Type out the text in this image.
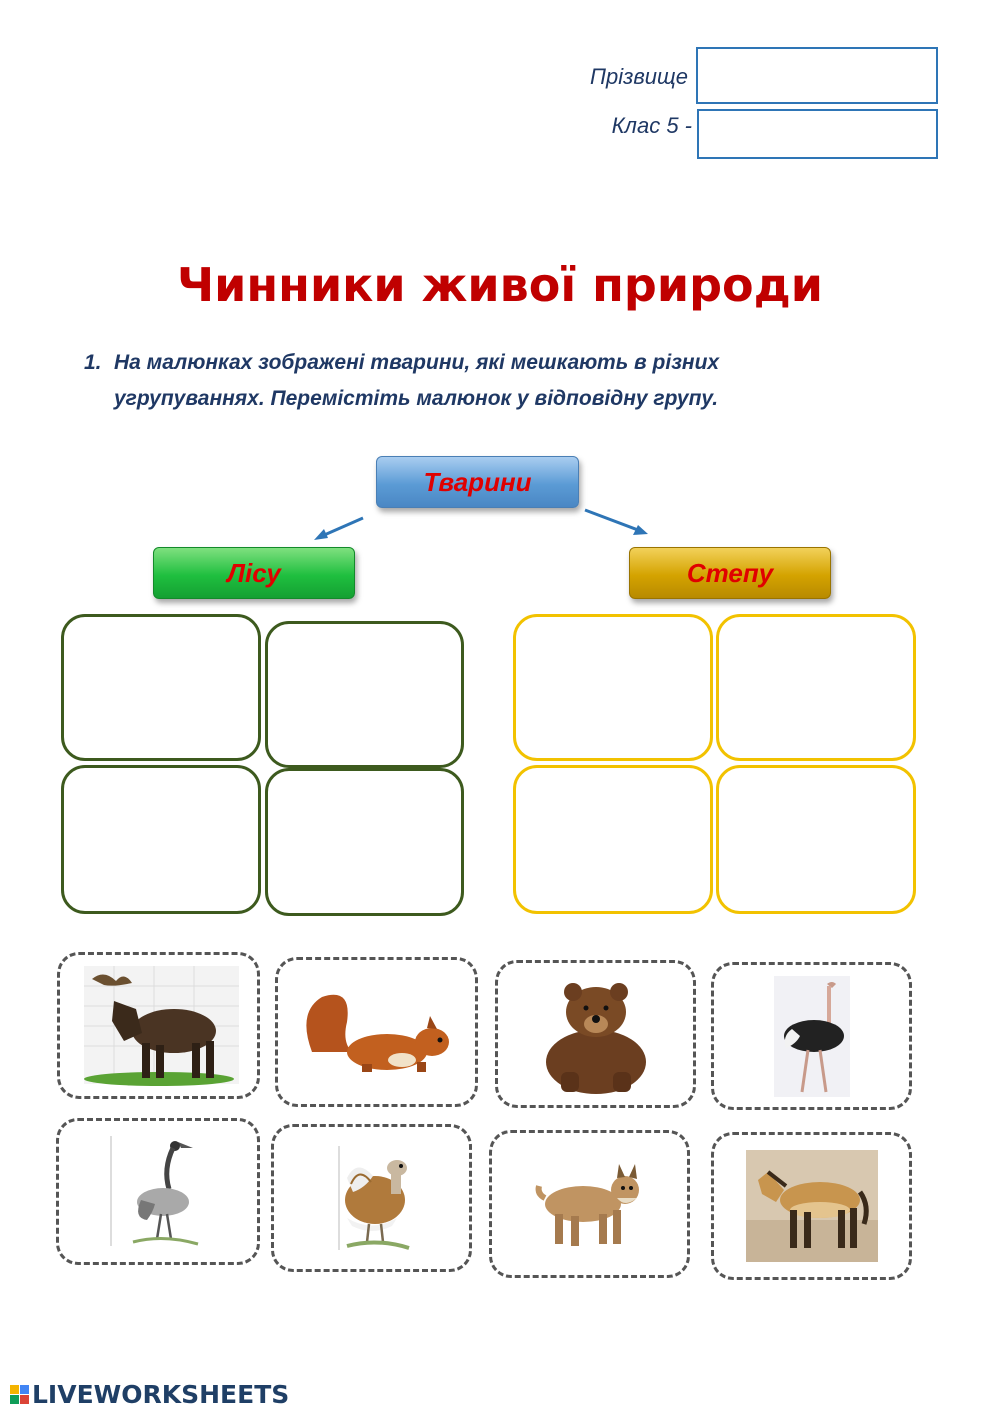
Прізвище
Клас 5 -
Чинники живої природи
1. На малюнках зображені тварини, які мешкають в різних
угрупуваннях. Перемістіть малюнок у відповідну групу.
Тварини
Лісу	Степу
LIVEWORKSHEETS
